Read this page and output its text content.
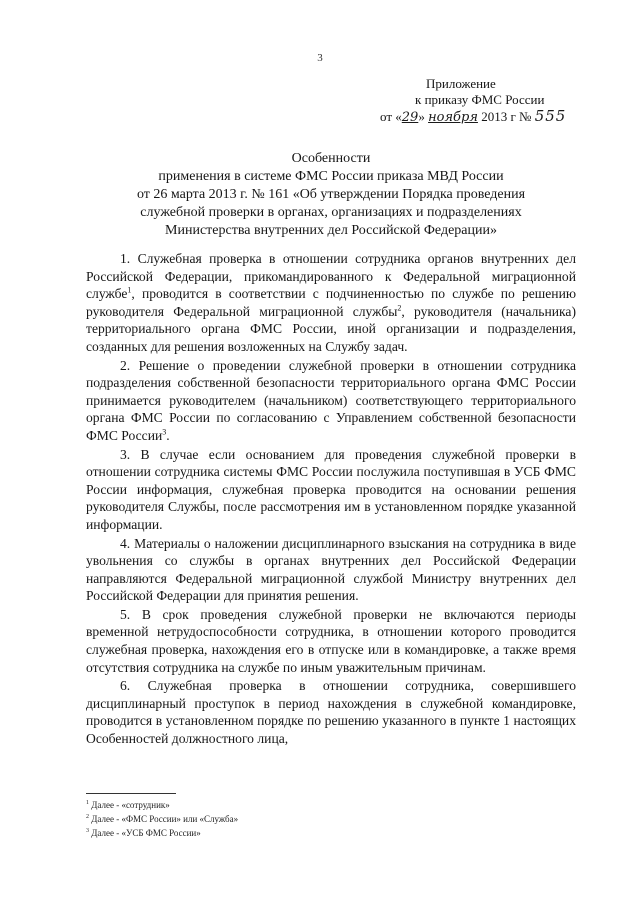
3
Приложение
к приказу ФМС России
от «29» ноября 2013 г № 555
Особенности
применения в системе ФМС России приказа МВД России
от 26 марта 2013 г. № 161 «Об утверждении Порядка проведения
служебной проверки в органах, организациях и подразделениях
Министерства внутренних дел Российской Федерации»

1. Служебная проверка в отношении сотрудника органов внутренних дел Российской Федерации, прикомандированного к Федеральной миграционной службе$^1$, проводится в соответствии с подчиненностью по службе по решению руководителя Федеральной миграционной службы$^2$, руководителя (начальника) территориального органа ФМС России, иной организации и подразделения, созданных для решения возложенных на Службу задач.

2. Решение о проведении служебной проверки в отношении сотрудника подразделения собственной безопасности территориального органа ФМС России принимается руководителем (начальником) соответствующего территориального органа ФМС России по согласованию с Управлением собственной безопасности ФМС России$^3$.

3. В случае если основанием для проведения служебной проверки в отношении сотрудника системы ФМС России послужила поступившая в УСБ ФМС России информация, служебная проверка проводится на основании решения руководителя Службы, после рассмотрения им в установленном порядке указанной информации.

4. Материалы о наложении дисциплинарного взыскания на сотрудника в виде увольнения со службы в органах внутренних дел Российской Федерации направляются Федеральной миграционной службой Министру внутренних дел Российской Федерации для принятия решения.

5. В срок проведения служебной проверки не включаются периоды временной нетрудоспособности сотрудника, в отношении которого проводится служебная проверка, нахождения его в отпуске или в командировке, а также время отсутствия сотрудника на службе по иным уважительным причинам.

6. Служебная проверка в отношении сотрудника, совершившего дисциплинарный проступок в период нахождения в служебной командировке, проводится в установленном порядке по решению указанного в пункте 1 настоящих Особенностей должностного лица,

$^1$ Далее - «сотрудник»
$^2$ Далее - «ФМС России» или «Служба»
$^3$ Далее - «УСБ ФМС России»
